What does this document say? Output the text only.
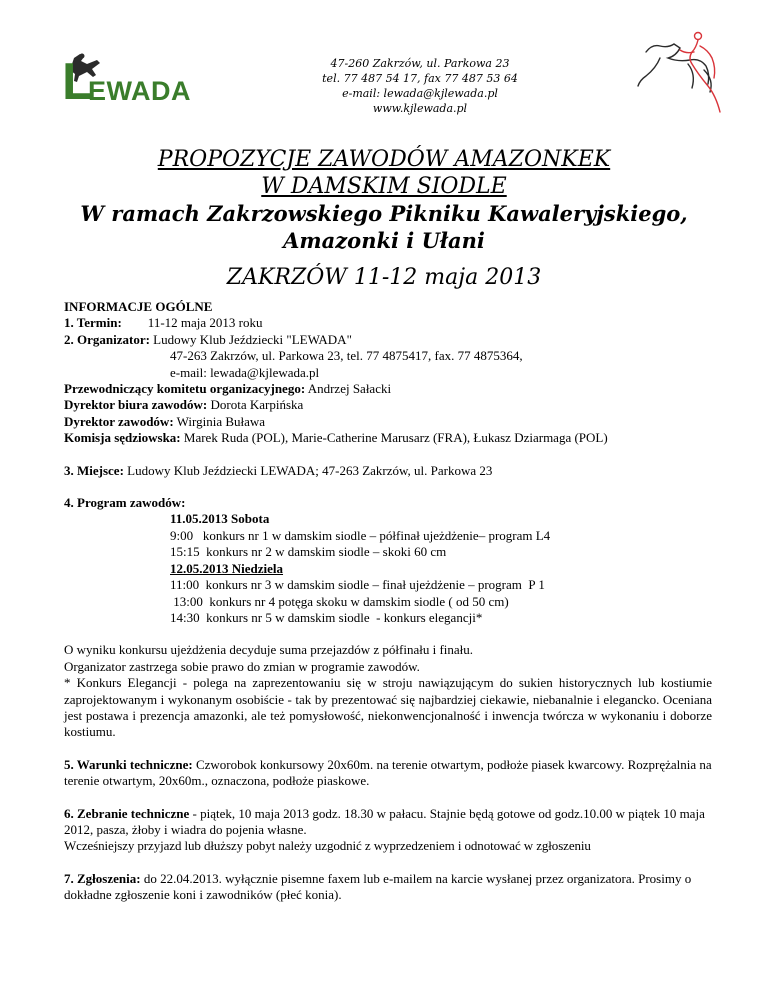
L
EWADA
47-260 Zakrzów, ul. Parkowa 23
tel. 77 487 54 17, fax 77 487 53 64
e-mail: lewada@kjlewada.pl
www.kjlewada.pl
PROPOZYCJE ZAWODÓW AMAZONKEK
W DAMSKIM SIODLE
W ramach Zakrzowskiego Pikniku Kawaleryjskiego,
Amazonki i Ułani
ZAKRZÓW 11-12 maja 2013

INFORMACJE OGÓLNE

1. Termin: 11-12 maja 2013 roku

2. Organizator: Ludowy Klub Jeździecki "LEWADA"

47-263 Zakrzów, ul. Parkowa 23, tel. 77 4875417, fax. 77 4875364,

e-mail: lewada@kjlewada.pl

Przewodniczący komitetu organizacyjnego: Andrzej Sałacki

Dyrektor biura zawodów: Dorota Karpińska

Dyrektor zawodów: Wirginia Buława

Komisja sędziowska: Marek Ruda (POL), Marie-Catherine Marusarz (FRA), Łukasz Dziarmaga (POL)

3. Miejsce: Ludowy Klub Jeździecki LEWADA; 47-263 Zakrzów, ul. Parkowa 23

4. Program zawodów:

11.05.2013 Sobota

9:00   konkurs nr 1 w damskim siodle – półfinał ujeżdżenie– program L4

15:15  konkurs nr 2 w damskim siodle – skoki 60 cm

12.05.2013 Niedziela

11:00  konkurs nr 3 w damskim siodle – finał ujeżdżenie – program  P 1

13:00  konkurs nr 4 potęga skoku w damskim siodle ( od 50 cm)

14:30  konkurs nr 5 w damskim siodle  - konkurs elegancji*

O wyniku konkursu ujeżdżenia decyduje suma przejazdów z półfinału i finału.

Organizator zastrzega sobie prawo do zmian w programie zawodów.

* Konkurs Elegancji - polega na zaprezentowaniu się w stroju nawiązującym do sukien historycznych lub kostiumie zaprojektowanym i wykonanym osobiście - tak by prezentować się najbardziej ciekawie, niebanalnie i elegancko. Oceniana jest postawa i prezencja amazonki, ale też pomysłowość, niekonwencjonalność i inwencja twórcza w wykonaniu i doborze kostiumu.

5. Warunki techniczne: Czworobok konkursowy 20x60m. na terenie otwartym, podłoże piasek kwarcowy. Rozprężalnia na terenie otwartym, 20x60m., oznaczona, podłoże piaskowe.

6. Zebranie techniczne - piątek, 10 maja 2013 godz. 18.30 w pałacu. Stajnie będą gotowe od godz.10.00 w piątek 10 maja 2012, pasza, żłoby i wiadra do pojenia własne.

Wcześniejszy przyjazd lub dłuższy pobyt należy uzgodnić z wyprzedzeniem i odnotować w zgłoszeniu

7. Zgłoszenia: do 22.04.2013. wyłącznie pisemne faxem lub e-mailem na karcie wysłanej przez organizatora. Prosimy o dokładne zgłoszenie koni i zawodników (płeć konia).
